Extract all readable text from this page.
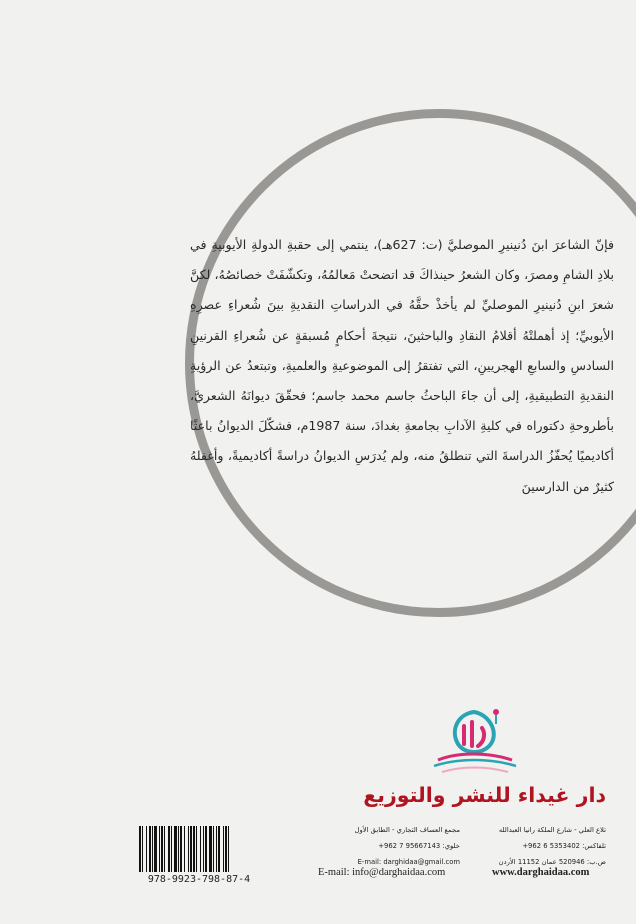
فإنّ الشاعرَ ابنَ دُنينيرِ الموصليَّ (ت: 627هـ)، ينتمي إلى حقبةِ الدولةِ الأيوبيةِ في بلادِ الشامِ ومصرَ، وكان الشعرُ حينذاكَ قد اتضحتْ مَعالمُهُ، وتكشّفَتْ خصائصُهُ، لكنَّ شعرَ ابنِ دُنينيرِ الموصليِّ لم يأخذْ حقَّهُ في الدراساتِ النقديةِ بينَ شُعراءِ عصرِهِ الأيوبيِّ؛ إذ أهملتْهُ أقلامُ النقادِ والباحثينَ، نتيجةَ أحكامٍ مُسبقةٍ عن شُعراءِ القرنينِ السادسِ والسابعِ الهجريينِ، التي تفتقرُ إلى الموضوعيةِ والعلميةِ، وتبتعدُ عن الرؤيةِ النقديةِ التطبيقيةِ، إلى أن جاءَ الباحثُ جاسم محمد جاسم؛ فحقّقَ ديوانَهُ الشعريَّ، بأطروحةِ دكتوراه في كليةِ الآدابِ بجامعةِ بغدادَ، سنة 1987م، فشكّلَ الديوانُ باعثًا أكاديميًا يُحفّزُ الدراسةَ التي تنطلقُ منه، ولم يُدرَسِ الديوانُ دراسةً أكاديميةً، وأغفلهُ كثيرٌ من الدارسينَ

دار غيداء للنشر والتوزيع
تلاع العلي - شارع الملكة رانيا العبدالله
تلفاكس: 5353402 6 962+
ص.ب: 520946 عمان 11152 الأردن
مجمع العساف التجاري - الطابق الأول
خلوي: 95667143 7 962+
E-mail: darghidaa@gmail.com
E-mail: info@darghaidaa.com	www.darghaidaa.com
978-9923-798-87-4
